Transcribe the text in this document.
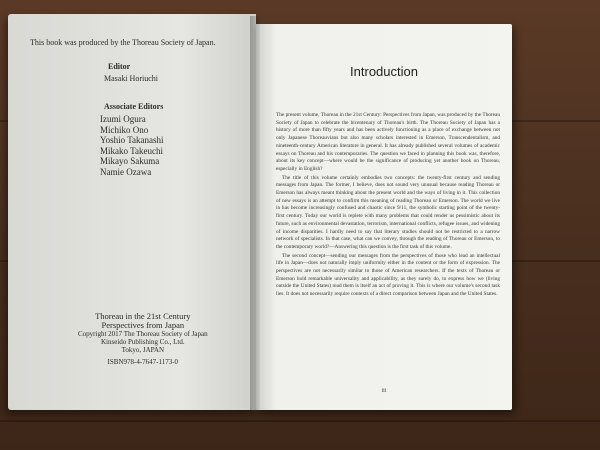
This book was produced by the Thoreau Society of Japan.
Editor
Masaki Horiuchi
Associate Editors
Izumi Ogura
Michiko Ono
Yoshio Takanashi
Mikako Takeuchi
Mikayo Sakuma
Namie Ozawa
Thoreau in the 21st Century
Perspectives from Japan
Copyright 2017 The Thoreau Society of Japan
Kinseido Publishing Co., Ltd.
Tokyo, JAPAN
ISBN978-4-7647-1173-0
Introduction

The present volume, Thoreau in the 21st Century: Perspectives from Japan, was produced by the Thoreau Society of Japan to celebrate the bicentenary of Thoreau's birth. The Thoreau Society of Japan has a history of more than fifty years and has been actively functioning as a place of exchange between not only Japanese Thoreauvians but also many scholars interested in Emerson, Transcendentalism, and nineteenth-century American literature in general. It has already published several volumes of academic essays on Thoreau and his contemporaries. The question we faced in planning this book was, therefore, about its key concept—where would be the significance of producing yet another book on Thoreau, especially in English?

The title of this volume certainly embodies two concepts: the twenty-first century and sending messages from Japan. The former, I believe, does not sound very unusual because reading Thoreau or Emerson has always meant thinking about the present world and the ways of living in it. This collection of new essays is an attempt to confirm this meaning of reading Thoreau or Emerson. The world we live in has become increasingly confused and chaotic since 9/11, the symbolic starting point of the twenty-first century. Today our world is replete with many problems that could render us pessimistic about its future, such as environmental devastation, terrorism, international conflicts, refugee issues, and widening of income disparities. I hardly need to say that literary studies should not be restricted to a narrow network of specialists. In that case, what can we convey, through the reading of Thoreau or Emerson, to the contemporary world?—Answering this question is the first task of this volume.

The second concept—sending our messages from the perspectives of those who lead an intellectual life in Japan—does not naturally imply uniformity either in the content or the form of expression. The perspectives are not necessarily similar to those of American researchers. If the texts of Thoreau or Emerson hold remarkable universality and applicability, as they surely do, to express how we (living outside the United States) read them is itself an act of proving it. This is where our volume's second task lies. It does not necessarily require contexts of a direct comparison between Japan and the United States.

iii
